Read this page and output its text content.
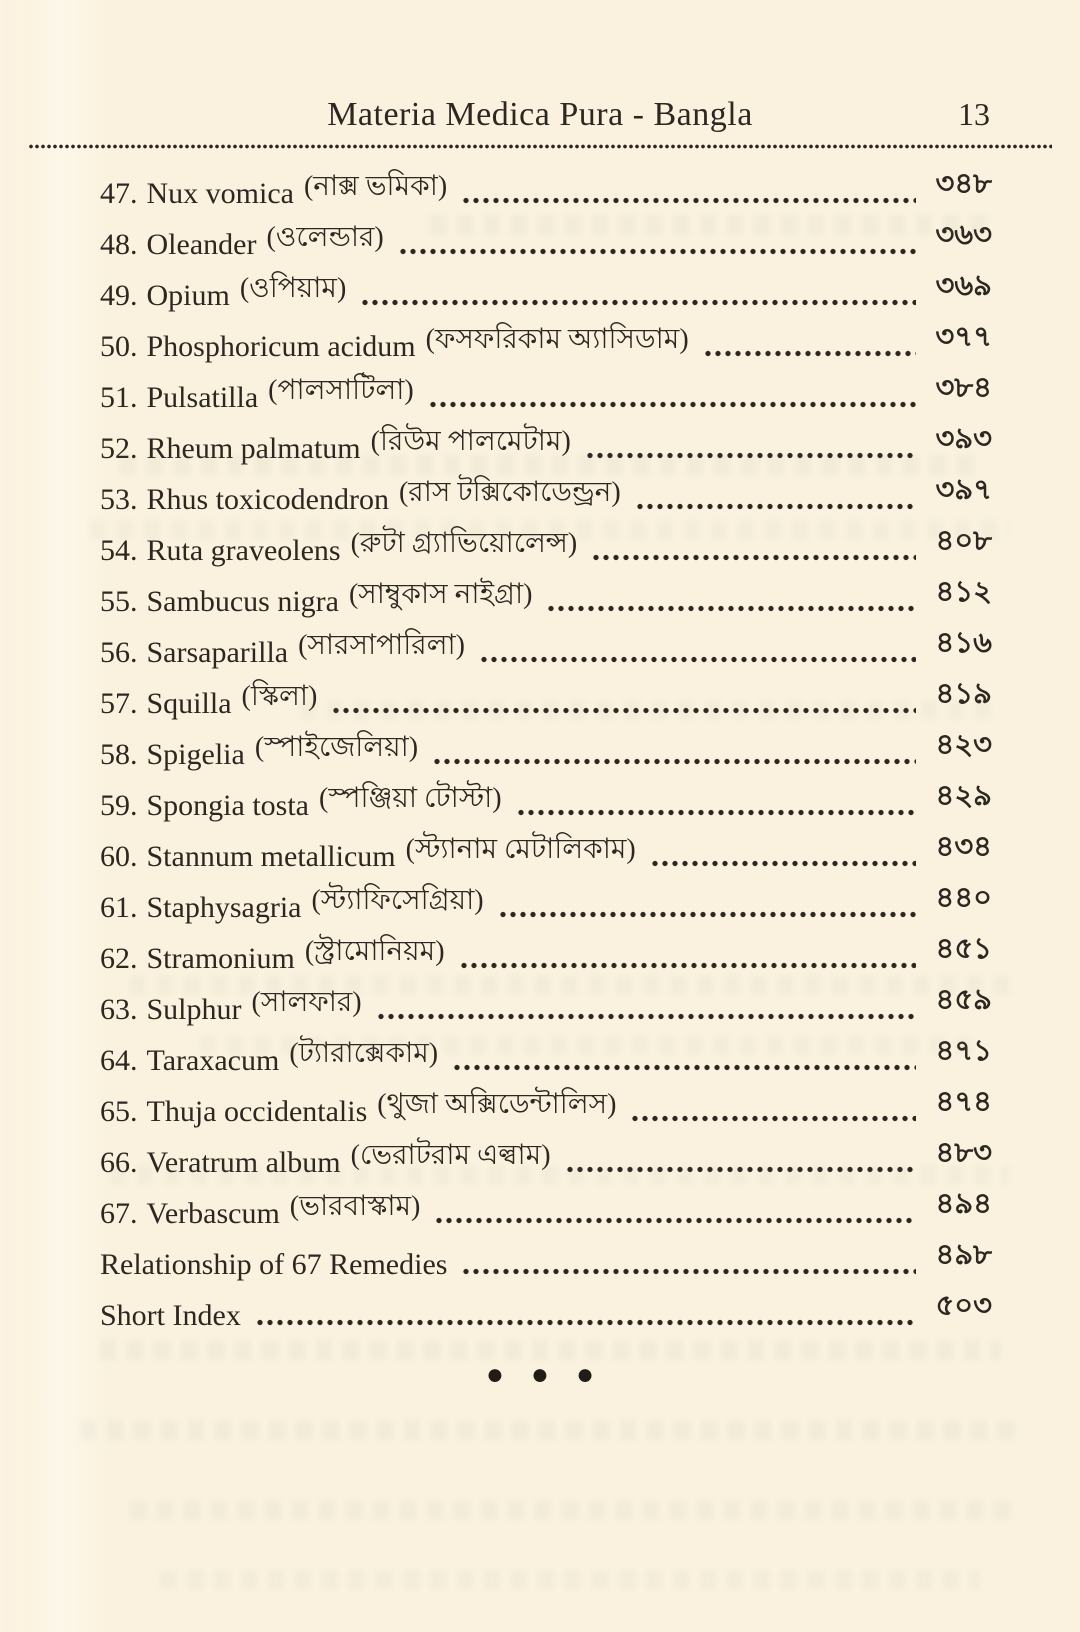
Materia Medica Pura - Bangla	13
47. Nux vomica (নাক্স ভমিকা)	৩৪৮
48. Oleander (ওলেন্ডার)	৩৬৩
49. Opium (ওপিয়াম)	৩৬৯
50. Phosphoricum acidum (ফসফরিকাম অ্যাসিডাম)	৩৭৭
51. Pulsatilla (পালসাটিলা)	৩৮৪
52. Rheum palmatum (রিউম পালমেটাম)	৩৯৩
53. Rhus toxicodendron (রাস টক্সিকোডেন্ড্রন)	৩৯৭
54. Ruta graveolens (রুটা গ্র্যাভিয়োলেন্স)	৪০৮
55. Sambucus nigra (সাম্বুকাস নাইগ্রা)	৪১২
56. Sarsaparilla (সারসাপারিলা)	৪১৬
57. Squilla (স্কিলা)	৪১৯
58. Spigelia (স্পাইজেলিয়া)	৪২৩
59. Spongia tosta (স্পঞ্জিয়া টোস্টা)	৪২৯
60. Stannum metallicum (স্ট্যানাম মেটালিকাম)	৪৩৪
61. Staphysagria (স্ট্যাফিসেগ্রিয়া)	৪৪০
62. Stramonium (স্ট্রামোনিয়ম)	৪৫১
63. Sulphur (সালফার)	৪৫৯
64. Taraxacum (ট্যারাক্সেকাম)	৪৭১
65. Thuja occidentalis (থুজা অক্সিডেন্টালিস)	৪৭৪
66. Veratrum album (ভেরাটরাম এল্বাম)	৪৮৩
67. Verbascum (ভারবাস্কাম)	৪৯৪
Relationship of 67 Remedies	৪৯৮
Short Index	৫০৩
●●●
